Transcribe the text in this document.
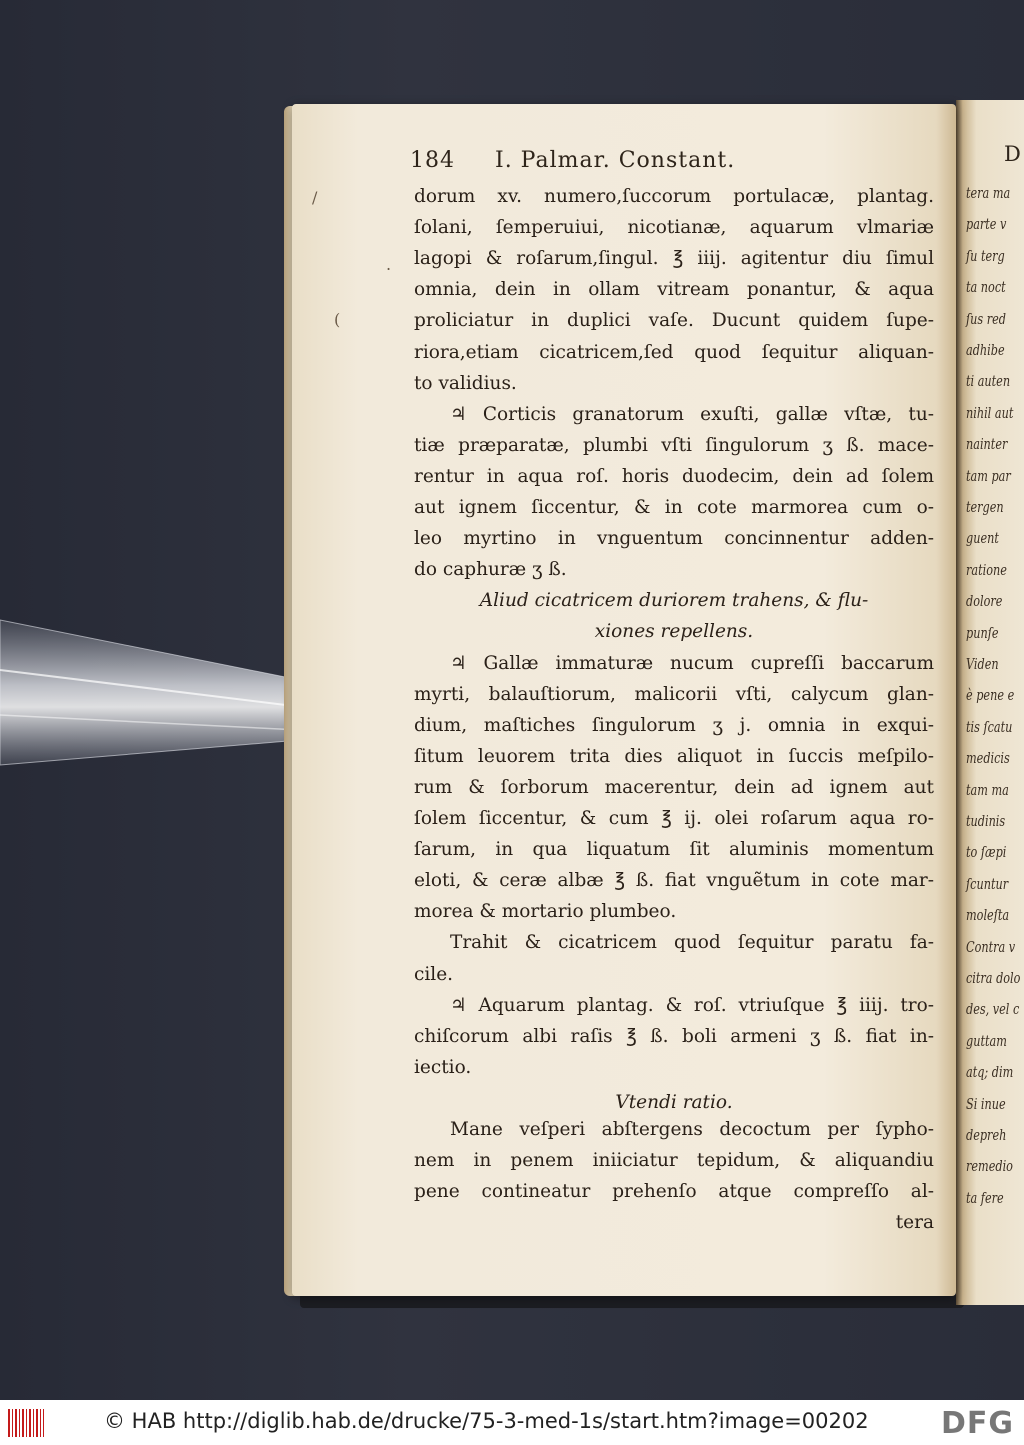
D
tera ma
parte v
ſu terg
ta noct
ſus red
adhibe
ti auten
nihil aut
nainter
tam par
tergen
guent
ratione
dolore
punſe
Viden
è pene e
tis ſcatu
medicis
tam ma
tudinis
to ſæpi
ſcuntur
moleſta
Contra v
citra dolo
des, vel c
guttam
atq; dim
Si inue
depreh
remedio
ta fere
184 I. Palmar. Constant.
dorum xv. numero,ſuccorum portulacæ, plantag.
ſolani, ſemperuiui, nicotianæ, aquarum vlmariæ
lagopi & roſarum,ſingul. ℥ iiij. agitentur diu ſimul
omnia, dein in ollam vitream ponantur, & aqua
proliciatur in duplici vaſe. Ducunt quidem ſupe-
riora,etiam cicatricem,ſed quod ſequitur aliquan-
to validius.
♃ Corticis granatorum exuſti, gallæ vſtæ, tu-
tiæ præparatæ, plumbi vſti ſingulorum ʒ ß. mace-
rentur in aqua roſ. horis duodecim, dein ad ſolem
aut ignem ſiccentur, & in cote marmorea cum o-
leo myrtino in vnguentum concinnentur adden-
do caphuræ ʒ ß.
Aliud cicatricem duriorem trahens, & flu-
xiones repellens.
♃ Gallæ immaturæ nucum cupreſſi baccarum
myrti, balauſtiorum, malicorii vſti, calycum glan-
dium, maſtiches ſingulorum ʒ j. omnia in exqui-
ſitum leuorem trita dies aliquot in ſuccis meſpilo-
rum & ſorborum macerentur, dein ad ignem aut
ſolem ſiccentur, & cum ℥ ij. olei roſarum aqua ro-
ſarum, in qua liquatum ſit aluminis momentum
eloti, & ceræ albæ ℥ ß. fiat vnguẽtum in cote mar-
morea & mortario plumbeo.
Trahit & cicatricem quod ſequitur paratu fa-
cile.
♃ Aquarum plantag. & roſ. vtriuſque ℥ iiij. tro-
chiſcorum albi raſis ℥ ß. boli armeni ʒ ß. fiat in-
iectio.
Vtendi ratio.
Mane veſperi abſtergens decoctum per ſypho-
nem in penem iniiciatur tepidum, & aliquandiu
pene contineatur prehenſo atque compreſſo al-
tera
/
.
(
© HAB http://diglib.hab.de/drucke/75-3-med-1s/start.htm?image=00202 DFG
